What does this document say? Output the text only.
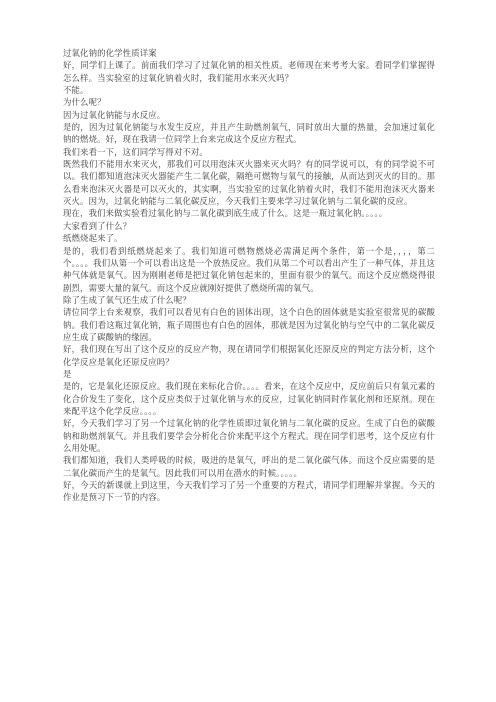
过氧化钠的化学性质详案

好，同学们上课了。前面我们学习了过氧化钠的相关性质。老师现在来考考大家。看同学们掌握得怎么样。当实验室的过氧化钠着火时，我们能用水来灭火吗？

不能。

为什么呢？

因为过氧化钠能与水反应。

是的，因为过氧化钠能与水发生反应，并且产生助燃剂氧气，同时放出大量的热量，会加速过氧化钠的燃烧。好，现在我请一位同学上台来完成这个反应方程式。

我们来看一下，这们同学写得对不对。

既然我们不能用水来灭火，那我们可以用泡沫灭火器来灭火吗？有的同学说可以，有的同学说不可以。我们都知道泡沫灭火器能产生二氧化碳，隔绝可燃物与氧气的接触，从而达到灭火的目的。那么看来泡沫灭火器是可以灭火的，其实啊，当实验室的过氧化钠着火时，我们不能用泡沫灭火器来灭火。因为，过氧化钠能与二氧化碳反应，今天我们主要来学习过氧化钠与二氧化碳的反应。

现在，我们来做实验看过氧化钠与二氧化碳到底生成了什么。这是一瓶过氧化钠。。。。。

大家看到了什么？

纸燃烧起来了。

是的，我们看到纸燃烧起来了。我们知道可燃物燃烧必需满足两个条件，第一个是，，，，第二个。。。。我们从第一个可以看出这是一个放热反应。我们从第二个可以看出产生了一种气体，并且这种气体就是氧气。因为刚刚老师是把过氧化钠包起来的，里面有很少的氧气。而这个反应燃烧得很剧烈，需要大量的氧气。而这个反应就刚好提供了燃烧所需的氧气。

除了生成了氧气还生成了什么呢？

请位同学上台来观察，我们可以看见有白色的固体出现，这个白色的固体就是实验室很常见的碳酸钠。我们看这瓶过氧化钠，瓶子周围也有白色的固体，那就是因为过氧化钠与空气中的二氧化碳反应生成了碳酸钠的缘固。

好，我们现在写出了这个反应的反应产物，现在请同学们根据氧化还原反应的判定方法分析，这个化学反应是氧化还原反应吗？

是

是的，它是氧化还原反应。我们现在来标化合价。。。。看来，在这个反应中，反应前后只有氧元素的化合价发生了变化，这个反应类似于过氧化钠与水的反应，过氧化钠同时作氧化剂和还原剂。现在来配平这个化学反应。。。。

好，今天我们学习了另一个过氧化钠的化学性质即过氧化钠与二氧化碳的反应。生成了白色的碳酸钠和助燃剂氧气。并且我们要学会分析化合价来配平这个方程式。现在同学们思考，这个反应有什么用处呢。

我们都知道，我们人类呼吸的时候，吸进的是氧气，呼出的是二氧化碳气体。而这个反应需要的是二氧化碳而产生的是氧气。因此我们可以用在潜水的时候。。。。。

好，今天的新课就上到这里，今天我们学习了另一个重要的方程式，请同学们理解并掌握。今天的作业是预习下一节的内容。
